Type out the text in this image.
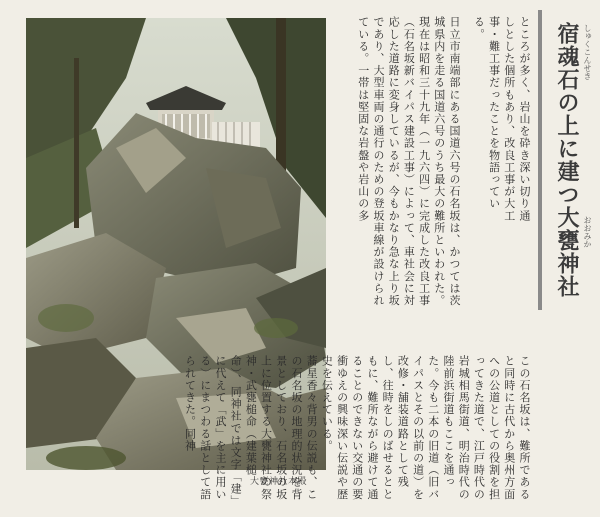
大甕神社本殿
日立市南端部にある国道六号の石名坂は、かつては茨城県内を走る国道六号のうち最大の難所といわれた。現在は昭和三十九年（一九六四）に完成した改良工事（石名坂新バイパス建設工事）によって、車社会に対応した道路に変身しているが、今もかなり急な上り坂であり、大型車両の通行のための登坂車線が設けられている。一帯は堅固な岩盤や岩山の多	ところが多く、岩山を砕き深い切り通しとした個所もあり、改良工事が大工事・難工事だったことを物語っている。
この石名坂は、難所であると同時に古代から奥州方面への公道としての役割を担ってきた道で、江戸時代の岩城相馬街道、明治時代の陸前浜街道もここを通った。今も二本の旧道（旧バイパスとその以前の道）を改修・舗装道路として残し、往時をしのばせるとともに、難所ながら避けて通ることのできない交通の要衝ゆえの興味深い伝説や歴史を伝えている。
蕎星香々背男の伝説も、この石名坂の地理的状況を背景としており、石名坂の坂上に位置する大甕神社の祭神・武甕槌命（建葉槌命）、同神社では文字「建」に代えて「武」を主に用いる）にまつわる話として語られてきた。同神
しゅくこんせき
おおみか
宿魂石の上に建つ大甕神社
